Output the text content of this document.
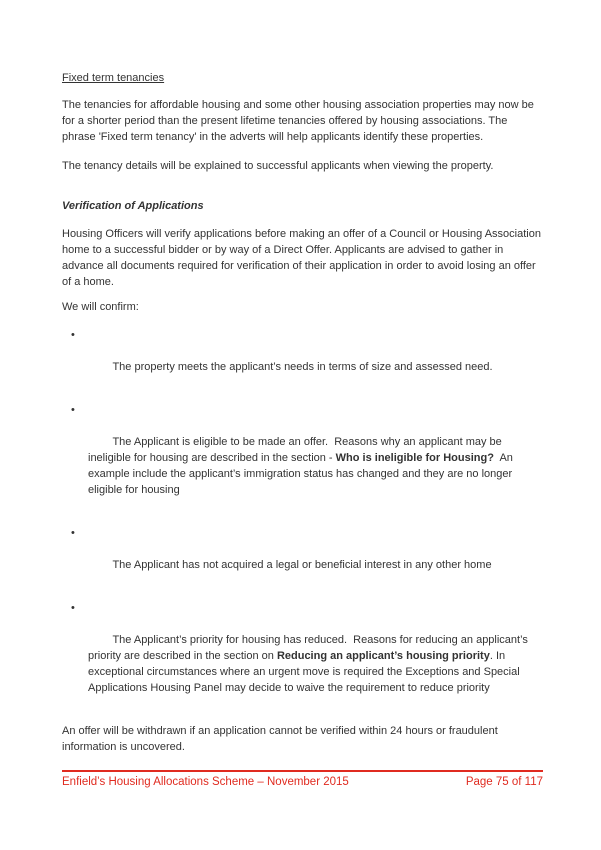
Fixed term tenancies

The tenancies for affordable housing and some other housing association properties may now be for a shorter period than the present lifetime tenancies offered by housing associations. The phrase 'Fixed term tenancy' in the adverts will help applicants identify these properties.

The tenancy details will be explained to successful applicants when viewing the property.

Verification of Applications

Housing Officers will verify applications before making an offer of a Council or Housing Association home to a successful bidder or by way of a Direct Offer. Applicants are advised to gather in advance all documents required for verification of their application in order to avoid losing an offer of a home.

We will confirm:

•

The property meets the applicant’s needs in terms of size and assessed need.

•

The Applicant is eligible to be made an offer.  Reasons why an applicant may be ineligible for housing are described in the section - Who is ineligible for Housing?  An example include the applicant’s immigration status has changed and they are no longer eligible for housing

•

The Applicant has not acquired a legal or beneficial interest in any other home

•

The Applicant’s priority for housing has reduced.  Reasons for reducing an applicant’s priority are described in the section on Reducing an applicant’s housing priority. In exceptional circumstances where an urgent move is required the Exceptions and Special Applications Housing Panel may decide to waive the requirement to reduce priority

An offer will be withdrawn if an application cannot be verified within 24 hours or fraudulent information is uncovered.

Enfield’s Housing Allocations Scheme – November 2015	Page 75 of 117
